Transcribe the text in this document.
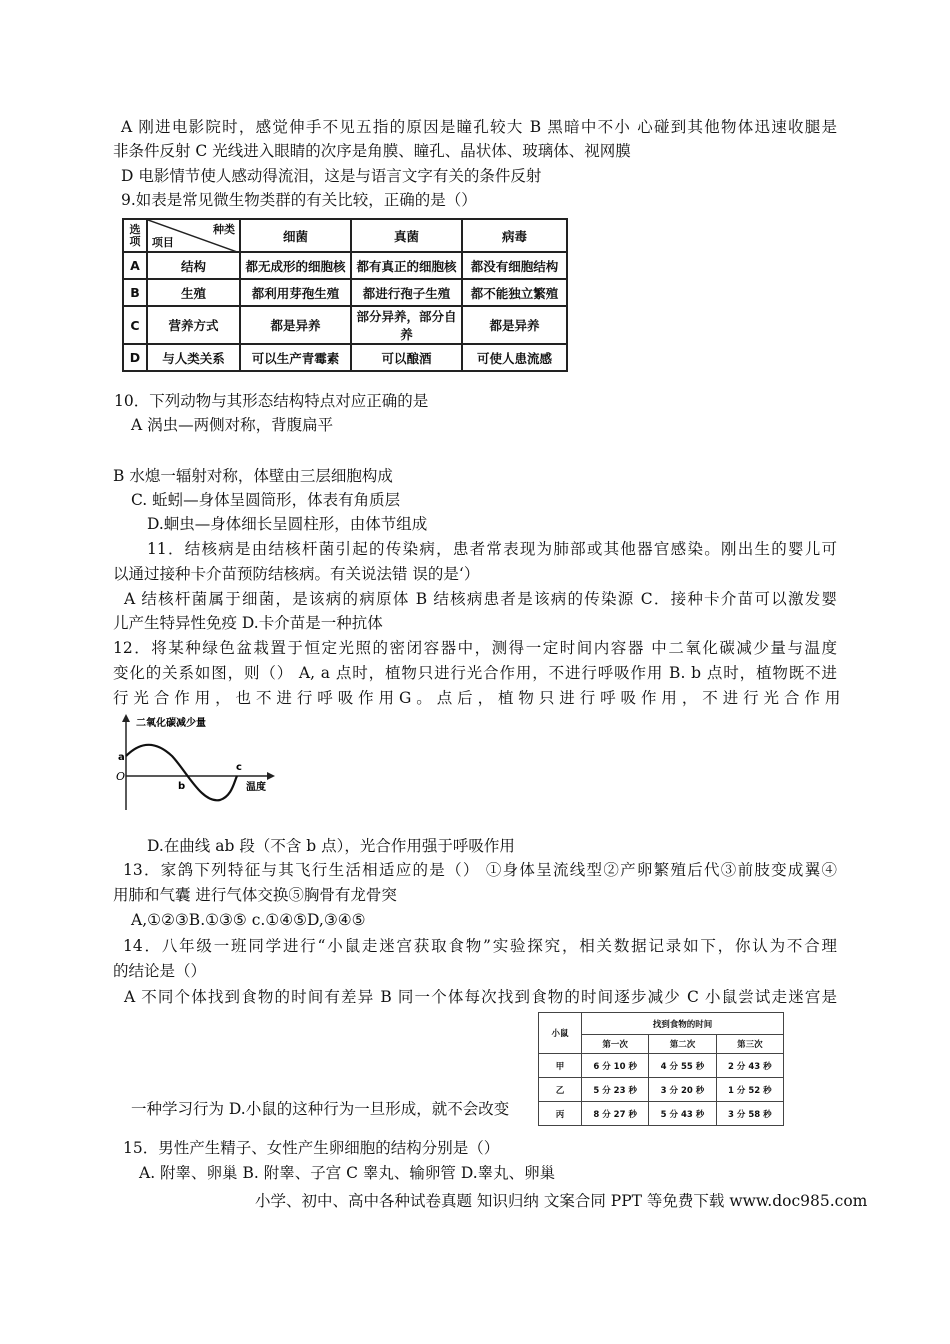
A 刚进电影院时，感觉伸手不见五指的原因是瞳孔较大 B 黑暗中不小 心碰到其他物体迅速收腿是
非条件反射 C 光线进入眼睛的次序是角膜、瞳孔、晶状体、玻璃体、视网膜
D 电影情节使人感动得流泪，这是与语言文字有关的条件反射
9.如表是常见微生物类群的有关比较，正确的是（）
选项	种类
项目	细菌	真菌	病毒
A	结构	都无成形的细胞核	都有真正的细胞核	都没有细胞结构
B	生殖	都利用芽孢生殖	都进行孢子生殖	都不能独立繁殖
C	营养方式	都是异养	部分异养，部分自养	都是异养
D	与人类关系	可以生产青霉素	可以酿酒	可使人患流感
10．下列动物与其形态结构特点对应正确的是
A 涡虫—两侧对称，背腹扁平
B 水熄一辐射对称，体壁由三层细胞构成
C. 蚯蚓—身体呈圆筒形，体表有角质层
D.蛔虫—身体细长呈圆柱形，由体节组成
11．结核病是由结核杆菌引起的传染病，患者常表现为肺部或其他器官感染。刚出生的婴儿可
以通过接种卡介苗预防结核病。有关说法错 误的是‘）
A 结核杆菌属于细菌，是该病的病原体 B 结核病患者是该病的传染源 C．接种卡介苗可以激发婴
儿产生特异性免疫 D.卡介苗是一种抗体
12．将某种绿色盆栽置于恒定光照的密闭容器中，测得一定时间内容器 中二氧化碳减少量与温度
变化的关系如图，则（） A, a 点时，植物只进行光合作用，不进行呼吸作用 B. b 点时，植物既不进
行 光 合 作 用 ， 也 不 进 行 呼 吸 作 用 G 。 点 后 ， 植 物 只 进 行 呼 吸 作 用 ， 不 进 行 光 合 作 用
二氧化碳减少量
温度
O
a
b
c
D.在曲线 ab 段（不含 b 点），光合作用强于呼吸作用
13．家鸽下列特征与其飞行生活相适应的是（） ①身体呈流线型②产卵繁殖后代③前肢变成翼④
用肺和气囊 进行气体交换⑤胸骨有龙骨突
A,①②③B.①③⑤ c.①④⑤D,③④⑤
14．八年级一班同学进行“小鼠走迷宫获取食物”实验探究，相关数据记录如下，你认为不合理
的结论是（）
A 不同个体找到食物的时间有差异 B 同一个体每次找到食物的时间逐步减少 C 小鼠尝试走迷宫是
小鼠	找到食物的时间		
	第一次	第二次	第三次
甲	6 分 10 秒	4 分 55 秒	2 分 43 秒
乙	5 分 23 秒	3 分 20 秒	1 分 52 秒
丙	8 分 27 秒	5 分 43 秒	3 分 58 秒
一种学习行为 D.小鼠的这种行为一旦形成，就不会改变
15．男性产生精子、女性产生卵细胞的结构分别是（）
A. 附睾、卵巢 B. 附睾、子宫 C 睾丸、输卵管 D.睾丸、卵巢
小学、初中、高中各种试卷真题 知识归纳 文案合同 PPT 等免费下载 www.doc985.com
